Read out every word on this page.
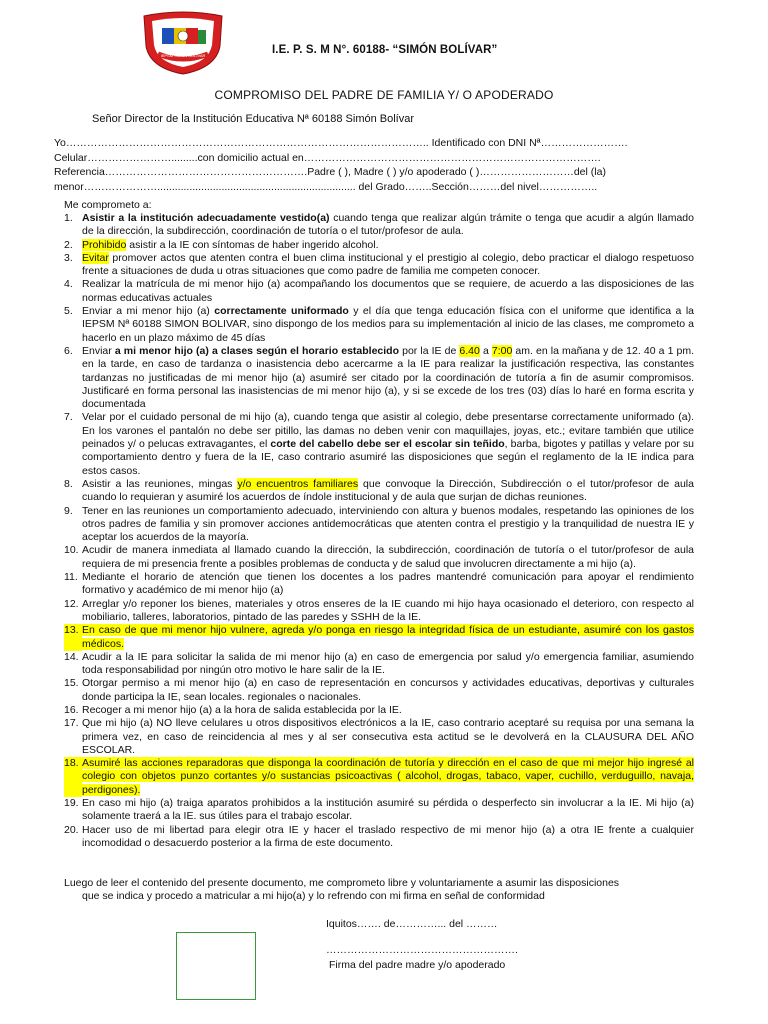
IEPSM SIMON BOLIVAR	I.E. P. S. M N°. 60188- “SIMÓN BOLÍVAR”
COMPROMISO DEL PADRE DE FAMILIA Y/ O APODERADO
Señor Director de la Institución Educativa Nª 60188 Simón Bolívar
Yo………………………………………………………………………………………….. Identificado con DNI Nª…………………….
Celular…………………….........con domicilio actual en………………………………………………………………………….
Referencia………………………………………………….Padre ( ), Madre ( ) y/o apoderado ( )………………………del (la)
menor………………….................................................................... del Grado……..Sección………del nivel……………..
Me comprometo a:
1. Asistir a la institución adecuadamente vestido(a) cuando tenga que realizar algún trámite o tenga que acudir a algún llamado de la dirección, la subdirección, coordinación de tutoría o el tutor/profesor de aula.
2. Prohibido asistir a la IE con síntomas de haber ingerido alcohol.
3. Evitar promover actos que atenten contra el buen clima institucional y el prestigio al colegio, debo practicar el dialogo respetuoso frente a situaciones de duda u otras situaciones que como padre de familia me competen conocer.
4. Realizar la matrícula de mi menor hijo (a) acompañando los documentos que se requiere, de acuerdo a las disposiciones de las normas educativas actuales
5. Enviar a mi menor hijo (a) correctamente uniformado y el día que tenga educación física con el uniforme que identifica a la IEPSM Nª 60188 SIMON BOLIVAR, sino dispongo de los medios para su implementación al inicio de las clases, me comprometo a hacerlo en un plazo máximo de 45 días
6. Enviar a mi menor hijo (a) a clases según el horario establecido por la IE de 6.40 a 7:00 am. en la mañana y de 12. 40 a 1 pm. en la tarde, en caso de tardanza o inasistencia debo acercarme a la IE para realizar la justificación respectiva, las constantes tardanzas no justificadas de mi menor hijo (a) asumiré ser citado por la coordinación de tutoría a fin de asumir compromisos. Justificaré en forma personal las inasistencias de mi menor hijo (a), y si se excede de los tres (03) días lo haré en forma escrita y documentada
7. Velar por el cuidado personal de mi hijo (a), cuando tenga que asistir al colegio, debe presentarse correctamente uniformado (a). En los varones el pantalón no debe ser pitillo, las damas no deben venir con maquillajes, joyas, etc.; evitare también que utilice peinados y/ o pelucas extravagantes, el corte del cabello debe ser el escolar sin teñido, barba, bigotes y patillas y velare por su comportamiento dentro y fuera de la IE, caso contrario asumiré las disposiciones que según el reglamento de la IE indica para estos casos.
8. Asistir a las reuniones, mingas y/o encuentros familiares que convoque la Dirección, Subdirección o el tutor/profesor de aula cuando lo requieran y asumiré los acuerdos de índole institucional y de aula que surjan de dichas reuniones.
9. Tener en las reuniones un comportamiento adecuado, interviniendo con altura y buenos modales, respetando las opiniones de los otros padres de familia y sin promover acciones antidemocráticas que atenten contra el prestigio y la tranquilidad de nuestra IE y aceptar los acuerdos de la mayoría.
10. Acudir de manera inmediata al llamado cuando la dirección, la subdirección, coordinación de tutoría o el tutor/profesor de aula requiera de mi presencia frente a posibles problemas de conducta y de salud que involucren directamente a mi hijo (a).
11. Mediante el horario de atención que tienen los docentes a los padres mantendré comunicación para apoyar el rendimiento formativo y académico de mi menor hijo (a)
12. Arreglar y/o reponer los bienes, materiales y otros enseres de la IE cuando mi hijo haya ocasionado el deterioro, con respecto al mobiliario, talleres, laboratorios, pintado de las paredes y SSHH de la IE.
13. En caso de que mi menor hijo vulnere, agreda y/o ponga en riesgo la integridad física de un estudiante, asumiré con los gastos médicos.
14. Acudir a la IE para solicitar la salida de mi menor hijo (a) en caso de emergencia por salud y/o emergencia familiar, asumiendo toda responsabilidad por ningún otro motivo le hare salir de la IE.
15. Otorgar permiso a mi menor hijo (a) en caso de representación en concursos y actividades educativas, deportivas y culturales donde participa la IE, sean locales. regionales o nacionales.
16. Recoger a mi menor hijo (a) a la hora de salida establecida por la IE.
17. Que mi hijo (a) NO lleve celulares u otros dispositivos electrónicos a la IE, caso contrario aceptaré su requisa por una semana la primera vez, en caso de reincidencia al mes y al ser consecutiva esta actitud se le devolverá en la CLAUSURA DEL AÑO ESCOLAR.
18. Asumiré las acciones reparadoras que disponga la coordinación de tutoría y dirección en el caso de que mi mejor hijo ingresé al colegio con objetos punzo cortantes y/o sustancias psicoactivas ( alcohol, drogas, tabaco, vaper, cuchillo, verduguillo, navaja, perdigones).
19. En caso mi hijo (a) traiga aparatos prohibidos a la institución asumiré su pérdida o desperfecto sin involucrar a la IE. Mi hijo (a) solamente traerá a la IE. sus útiles para el trabajo escolar.
20. Hacer uso de mi libertad para elegir otra IE y hacer el traslado respectivo de mi menor hijo (a) a otra IE frente a cualquier incomodidad o desacuerdo posterior a la firma de este documento.
Luego de leer el contenido del presente documento, me comprometo libre y voluntariamente a asumir las disposiciones
que se indica y procedo a matricular a mi hijo(a) y lo refrendo con mi firma en señal de conformidad
Iquitos……. de…………... del ………
……………………………………………….
Firma del padre madre y/o apoderado
